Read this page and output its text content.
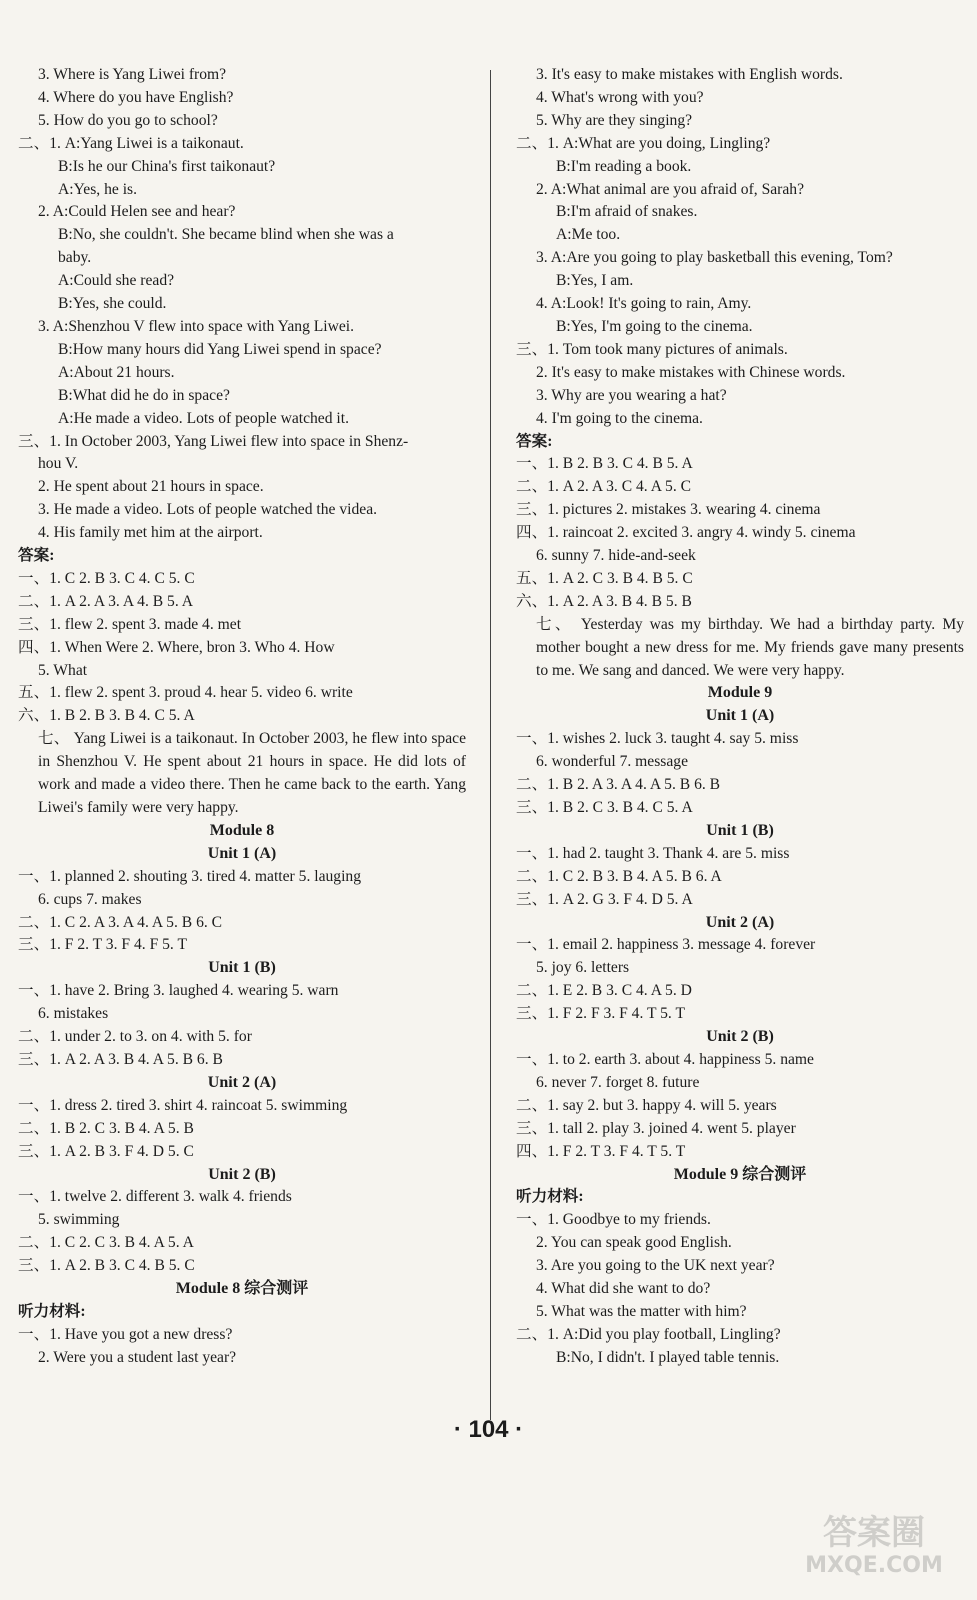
3. Where is Yang Liwei from?
4. Where do you have English?
5. How do you go to school?
二、1. A:Yang Liwei is a taikonaut.
B:Is he our China's first taikonaut?
A:Yes, he is.
2. A:Could Helen see and hear?
B:No, she couldn't. She became blind when she was a
baby.
A:Could she read?
B:Yes, she could.
3. A:Shenzhou V flew into space with Yang Liwei.
B:How many hours did Yang Liwei spend in space?
A:About 21 hours.
B:What did he do in space?
A:He made a video. Lots of people watched it.
三、1. In October 2003, Yang Liwei flew into space in Shenz-
hou V.
2. He spent about 21 hours in space.
3. He made a video. Lots of people watched the videa.
4. His family met him at the airport.
答案:
一、1. C 2. B 3. C 4. C 5. C
二、1. A 2. A 3. A 4. B 5. A
三、1. flew 2. spent 3. made 4. met
四、1. When Were 2. Where, bron 3. Who 4. How
5. What
五、1. flew 2. spent 3. proud 4. hear 5. video 6. write
六、1. B 2. B 3. B 4. C 5. A
七、 Yang Liwei is a taikonaut. In October 2003, he flew into space in Shenzhou V. He spent about 21 hours in space. He did lots of work and made a video there. Then he came back to the earth. Yang Liwei's family were very happy.
Module 8
Unit 1 (A)
一、1. planned 2. shouting 3. tired 4. matter 5. lauging
6. cups 7. makes
二、1. C 2. A 3. A 4. A 5. B 6. C
三、1. F 2. T 3. F 4. F 5. T
Unit 1 (B)
一、1. have 2. Bring 3. laughed 4. wearing 5. warn
6. mistakes
二、1. under 2. to 3. on 4. with 5. for
三、1. A 2. A 3. B 4. A 5. B 6. B
Unit 2 (A)
一、1. dress 2. tired 3. shirt 4. raincoat 5. swimming
二、1. B 2. C 3. B 4. A 5. B
三、1. A 2. B 3. F 4. D 5. C
Unit 2 (B)
一、1. twelve 2. different 3. walk 4. friends
5. swimming
二、1. C 2. C 3. B 4. A 5. A
三、1. A 2. B 3. C 4. B 5. C
Module 8 综合测评
听力材料:
一、1. Have you got a new dress?
2. Were you a student last year?
3. It's easy to make mistakes with English words.
4. What's wrong with you?
5. Why are they singing?
二、1. A:What are you doing, Lingling?
B:I'm reading a book.
2. A:What animal are you afraid of, Sarah?
B:I'm afraid of snakes.
A:Me too.
3. A:Are you going to play basketball this evening, Tom?
B:Yes, I am.
4. A:Look! It's going to rain, Amy.
B:Yes, I'm going to the cinema.
三、1. Tom took many pictures of animals.
2. It's easy to make mistakes with Chinese words.
3. Why are you wearing a hat?
4. I'm going to the cinema.
答案:
一、1. B 2. B 3. C 4. B 5. A
二、1. A 2. A 3. C 4. A 5. C
三、1. pictures 2. mistakes 3. wearing 4. cinema
四、1. raincoat 2. excited 3. angry 4. windy 5. cinema
6. sunny 7. hide-and-seek
五、1. A 2. C 3. B 4. B 5. C
六、1. A 2. A 3. B 4. B 5. B
七、 Yesterday was my birthday. We had a birthday party. My mother bought a new dress for me. My friends gave many presents to me. We sang and danced. We were very happy.
Module 9
Unit 1 (A)
一、1. wishes 2. luck 3. taught 4. say 5. miss
6. wonderful 7. message
二、1. B 2. A 3. A 4. A 5. B 6. B
三、1. B 2. C 3. B 4. C 5. A
Unit 1 (B)
一、1. had 2. taught 3. Thank 4. are 5. miss
二、1. C 2. B 3. B 4. A 5. B 6. A
三、1. A 2. G 3. F 4. D 5. A
Unit 2 (A)
一、1. email 2. happiness 3. message 4. forever
5. joy 6. letters
二、1. E 2. B 3. C 4. A 5. D
三、1. F 2. F 3. F 4. T 5. T
Unit 2 (B)
一、1. to 2. earth 3. about 4. happiness 5. name
6. never 7. forget 8. future
二、1. say 2. but 3. happy 4. will 5. years
三、1. tall 2. play 3. joined 4. went 5. player
四、1. F 2. T 3. F 4. T 5. T
Module 9 综合测评
听力材料:
一、1. Goodbye to my friends.
2. You can speak good English.
3. Are you going to the UK next year?
4. What did she want to do?
5. What was the matter with him?
二、1. A:Did you play football, Lingling?
B:No, I didn't. I played table tennis.
· 104 ·
答案圈
MXQE.COM
